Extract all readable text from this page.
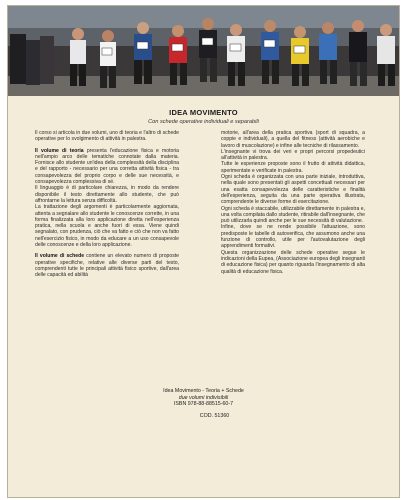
IDEA MOVIMENTO
Con schede operative individuali e separabili

Il corso si articola in due volumi, uno di teoria e l'altro di schede operative per lo svolgimento di attività in palestra.

Il volume di teoria presenta l'educazione fisica e motoria nell'ampio arco delle tematiche connotate dalla materia. Fornisce allo studente un'idea della complessità della disciplina e del rapporto - necessario per una corretta attività fisica - tra consapevolezza del proprio corpo e delle sue necessità, e consapevolezza complessiva di sé.

Il linguaggio è di particolare chiarezza, in modo da rendere disponibile il testo direttamente allo studente, che può affrontarne la lettura senza difficoltà.

La trattazione degli argomenti è particolarmente aggiornata, attenta a segnalare allo studente le conoscenze corrette, in una forma finalizzata alla loro applicazione diretta nell'esperienza pratica, nella scuola e anche fuori di essa. Viene quindi segnalato, con prudenza, ciò che va fatto e ciò che non va fatto nell'esercizio fisico, in modo da educare a un uso consapevole delle conoscenze e della loro applicazione.

Il volume di schede contiene un elevato numero di proposte operative specifiche, relative alle diverse parti del testo, comprendenti tutte le principali attività fisico sportive, dall'area delle capacità ed abilità

motorie, all'area della pratica sportiva (sport di squadra, a coppie e individuali), a quella del fitness (attività aerobiche e lavoro di muscolazione) e infine alle tecniche di rilassamento.

L'insegnante vi trova dei veri e propri percorsi propedeutici all'attività in palestra.

Tutte le esperienze proposte sono il frutto di attività didattica, sperimentate e verificate in palestra.

Ogni scheda è organizzata con una parte iniziale, introduttiva, nella quale sono presentati gli aspetti concettuali necessari per una esatta consapevolezza delle caratteristiche e finalità dell'esperienza, seguita da una parte operativa illustrata, comprendente le diverse forme di esercitazione.

Ogni scheda è staccabile, utilizzabile direttamente in palestra e, una volta compilata dallo studente, ritirabile dall'insegnante, che può utilizzarla quindi anche per le sue necessità di valutazione.

Infine, dove se ne rende possibile l'attuazione, sono predisposte le tabelle di autoverifica, che assumono anche una funzione di controllo, utile per l'autovalutazione degli apprendimenti formativi.

Questa organizzazione delle schede operative segue le indicazioni della Eupea, (Associazione europea degli insegnanti di educazione fisica) per quanto riguarda l'insegnamento di alta qualità di educazione fisica.

Idea Movimento - Teoria + Schede
due volumi indivisibili
ISBN 978-88-88515-60-7
COD. 51360
